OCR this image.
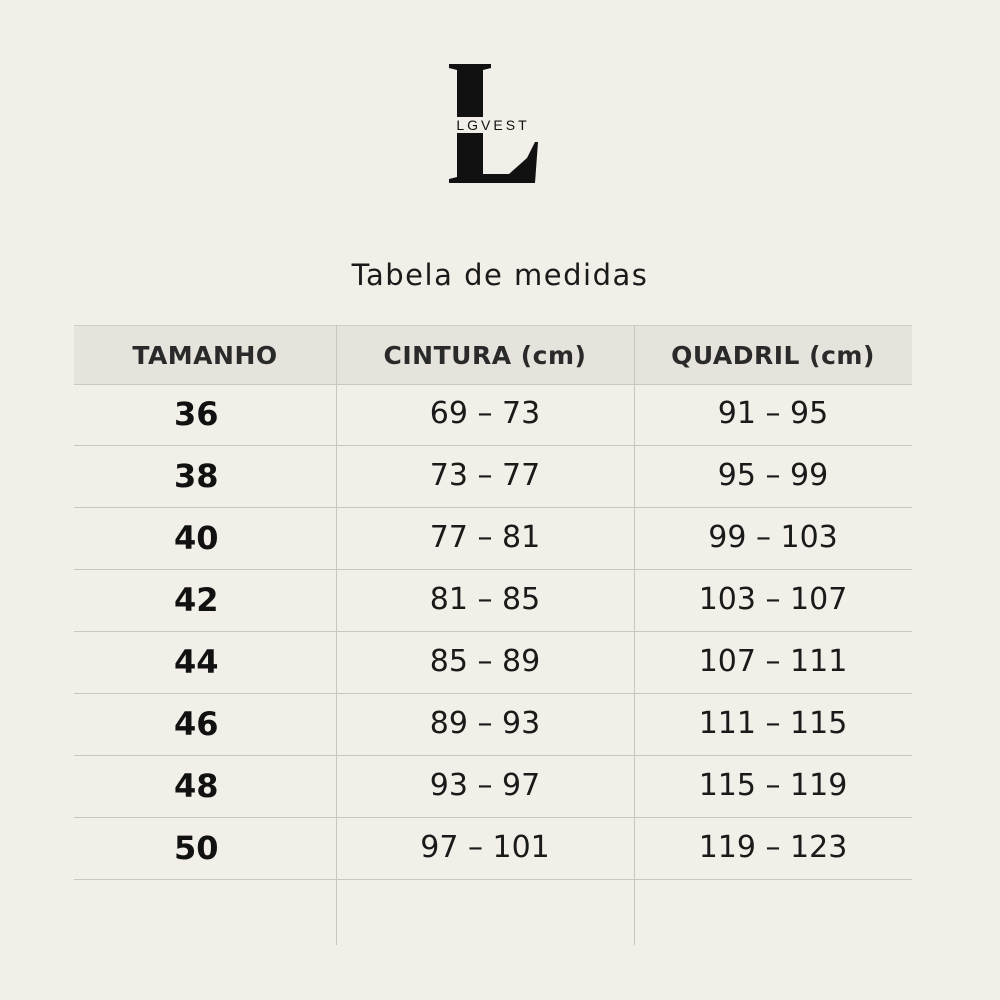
LGVEST
Tabela de medidas
TAMANHO	CINTURA (cm)	QUADRIL (cm)
36	69 – 73	91 – 95
38	73 – 77	95 – 99
40	77 – 81	99 – 103
42	81 – 85	103 – 107
44	85 – 89	107 – 111
46	89 – 93	111 – 115
48	93 – 97	115 – 119
50	97 – 101	119 – 123
